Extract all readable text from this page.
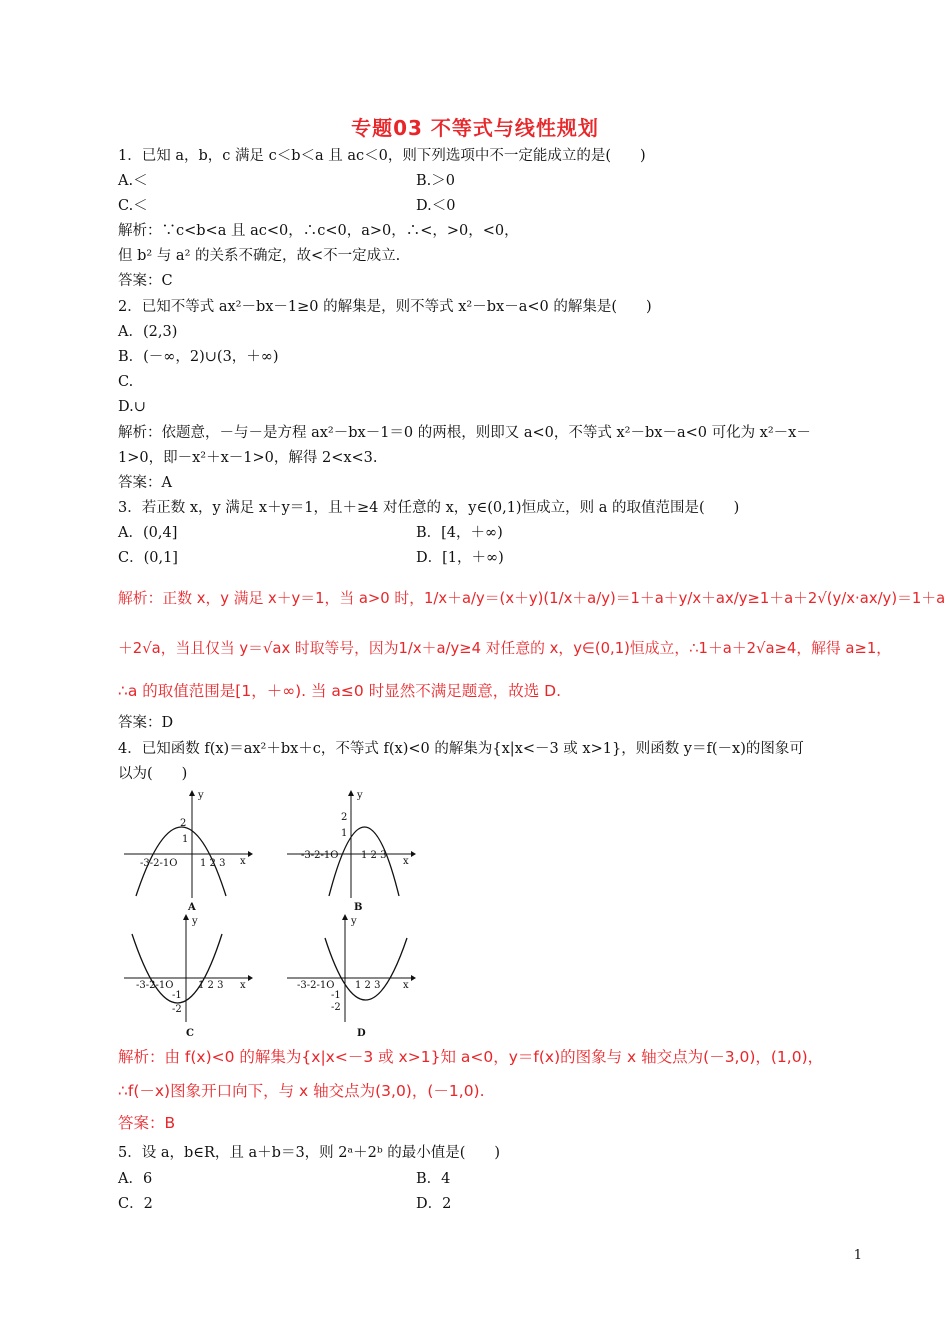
专题03 不等式与线性规划
1．已知 a，b，c 满足 c＜b＜a 且 ac＜0，则下列选项中不一定能成立的是(　　)
A.＜	B.＞0
C.＜	D.＜0
解析：∵c<b<a 且 ac<0，∴c<0，a>0，∴<，>0，<0，
但 b² 与 a² 的关系不确定，故<不一定成立.
答案：C
2．已知不等式 ax²－bx－1≥0 的解集是，则不等式 x²－bx－a<0 的解集是(　　)
A．(2,3)
B．(－∞，2)∪(3，＋∞)
C.
D.∪
解析：依题意，－与－是方程 ax²－bx－1＝0 的两根，则即又 a<0，不等式 x²－bx－a<0 可化为 x²－x－
1>0，即－x²＋x－1>0，解得 2<x<3.
答案：A
3．若正数 x，y 满足 x＋y＝1，且＋≥4 对任意的 x，y∈(0,1)恒成立，则 a 的取值范围是(　　)
A．(0,4]	B．[4，＋∞)
C．(0,1]	D．[1，＋∞)
解析：正数 x，y 满足 x＋y＝1，当 a>0 时，1/x＋a/y＝(x＋y)(1/x＋a/y)＝1＋a＋y/x＋ax/y≥1＋a＋2√(y/x·ax/y)＝1＋a
＋2√a，当且仅当 y＝√ax 时取等号，因为1/x＋a/y≥4 对任意的 x，y∈(0,1)恒成立，∴1＋a＋2√a≥4，解得 a≥1，
∴a 的取值范围是[1，＋∞). 当 a≤0 时显然不满足题意，故选 D.
答案：D
4．已知函数 f(x)＝ax²＋bx＋c，不等式 f(x)<0 的解集为{x|x<－3 或 x>1}，则函数 y＝f(－x)的图象可
以为(　　)
y
x
2
1
-3-2-1O 1 2 3
A
y
x
2
1
-3-2-1O 1 2 3
B
y
x
-3-2-1O 1 2 3
-1
-2
C
y
x
-3-2-1O 1 2 3
-1
-2
D
解析：由 f(x)<0 的解集为{x|x<－3 或 x>1}知 a<0，y＝f(x)的图象与 x 轴交点为(－3,0)，(1,0)，
∴f(－x)图象开口向下，与 x 轴交点为(3,0)，(－1,0).
答案：B
5．设 a，b∈R，且 a＋b＝3，则 2ᵃ＋2ᵇ 的最小值是(　　)
A．6	B．4
C．2	D．2
1
